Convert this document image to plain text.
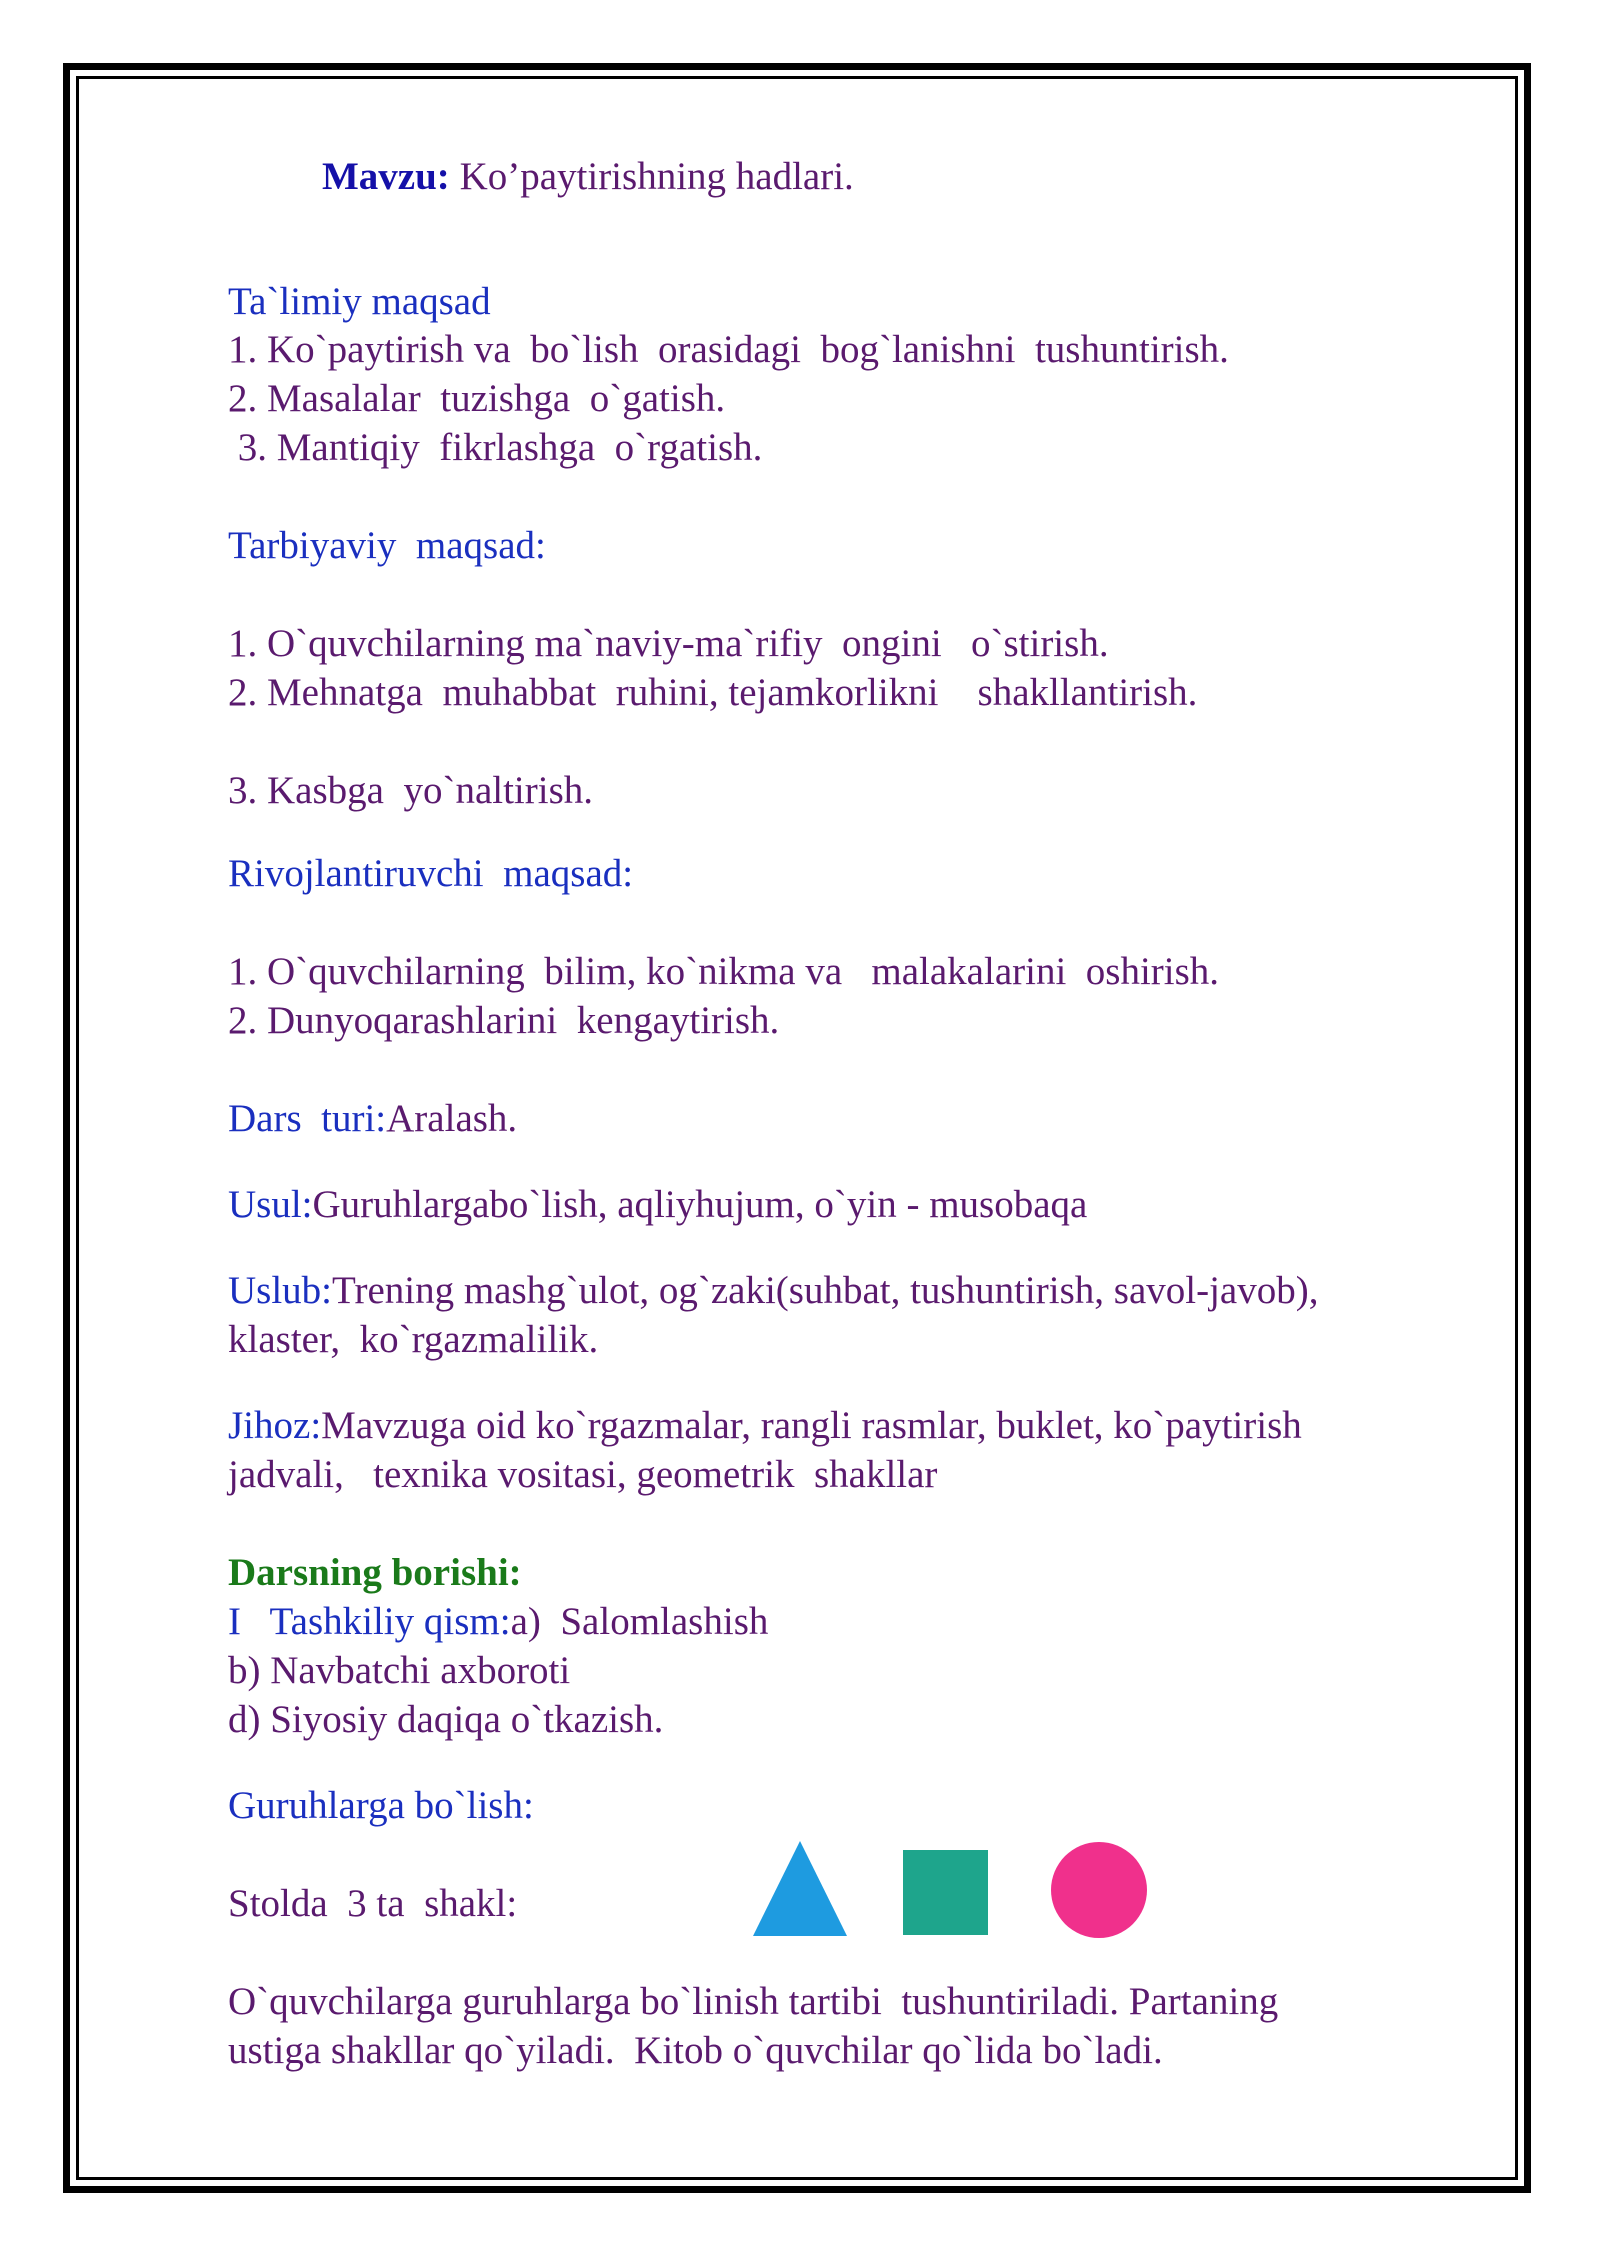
Mavzu: Ko’paytirishning hadlari.
Ta`limiy maqsad
1. Ko`paytirish va  bo`lish  orasidagi  bog`lanishni  tushuntirish.
2. Masalalar  tuzishga  o`gatish.
3. Mantiqiy  fikrlashga  o`rgatish.
Tarbiyaviy  maqsad:
1. O`quvchilarning ma`naviy-ma`rifiy  ongini   o`stirish.
2. Mehnatga  muhabbat  ruhini, tejamkorlikni    shakllantirish.
3. Kasbga  yo`naltirish.
Rivojlantiruvchi  maqsad:
1. O`quvchilarning  bilim, ko`nikma va   malakalarini  oshirish.
2. Dunyoqarashlarini  kengaytirish.
Dars  turi:Aralash.
Usul:Guruhlargabo`lish, aqliyhujum, o`yin - musobaqa
Uslub:Trening mashg`ulot, og`zaki(suhbat, tushuntirish, savol-javob),
klaster,  ko`rgazmalilik.
Jihoz:Mavzuga oid ko`rgazmalar, rangli rasmlar, buklet, ko`paytirish
jadvali,   texnika vositasi, geometrik  shakllar
Darsning borishi:
I   Tashkiliy qism:a)  Salomlashish
b) Navbatchi axboroti
d) Siyosiy daqiqa o`tkazish.
Guruhlarga bo`lish:
Stolda  3 ta  shakl:
O`quvchilarga guruhlarga bo`linish tartibi  tushuntiriladi. Partaning
ustiga shakllar qo`yiladi.  Kitob o`quvchilar qo`lida bo`ladi.
